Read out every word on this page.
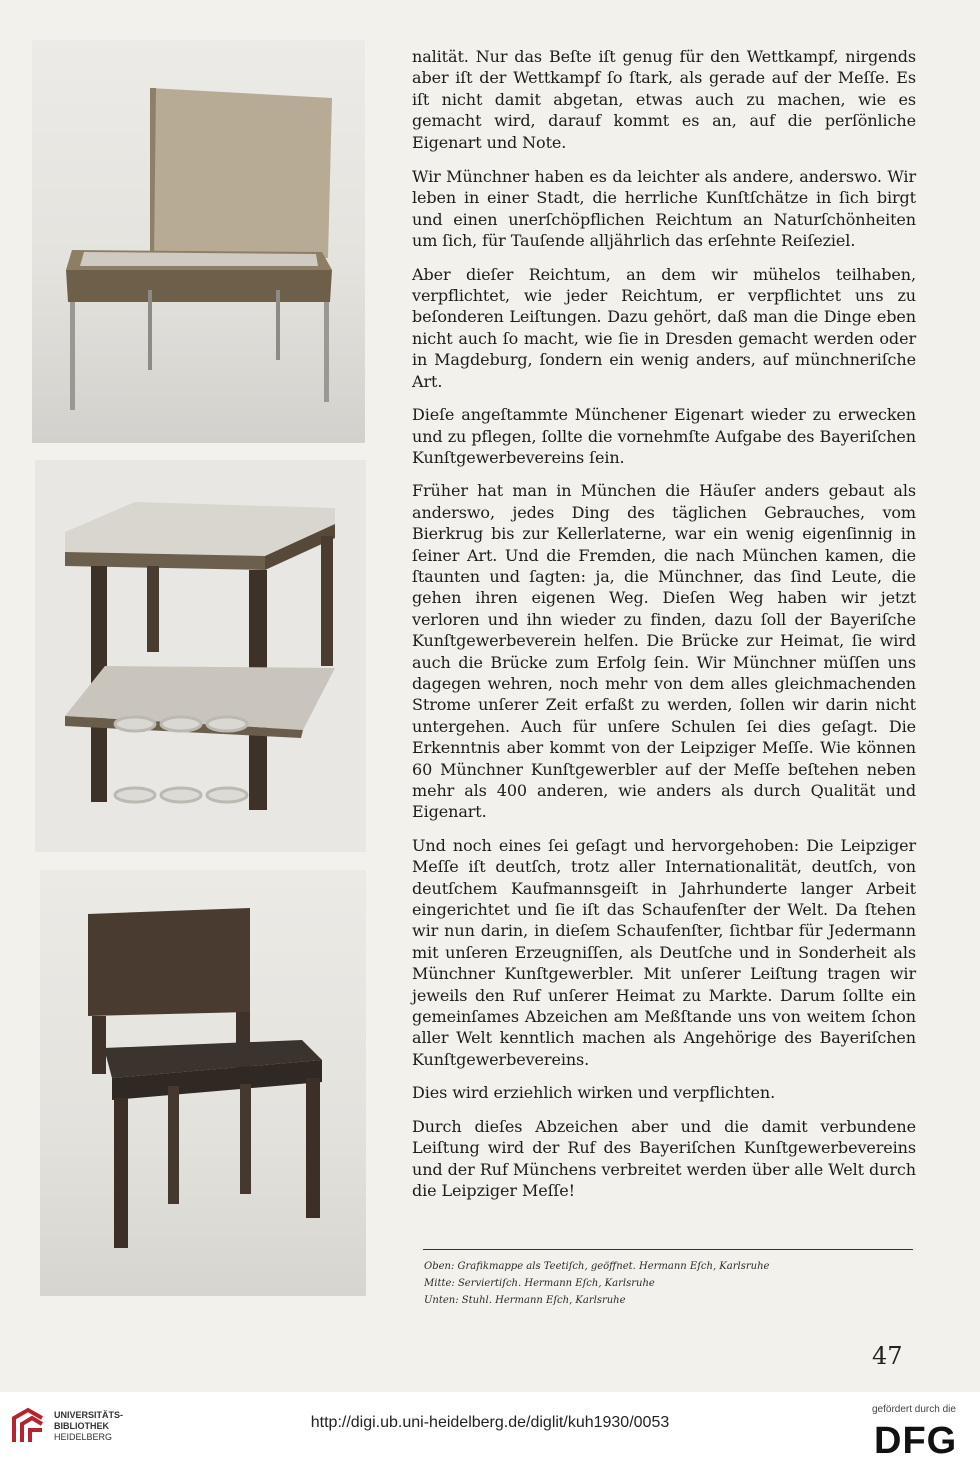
nalität. Nur das Beſte iſt genug für den Wettkampf, nirgends aber iſt der Wettkampf ſo ſtark, als gerade auf der Meſſe. Es iſt nicht damit abgetan, etwas auch zu machen, wie es gemacht wird, darauf kommt es an, auf die perſönliche Eigenart und Note.

Wir Münchner haben es da leichter als andere, anderswo. Wir leben in einer Stadt, die herrliche Kunſtſchätze in ſich birgt und einen unerſchöpflichen Reichtum an Naturſchönheiten um ſich, für Tauſende alljährlich das erſehnte Reiſeziel.

Aber dieſer Reichtum, an dem wir mühelos teilhaben, verpflichtet, wie jeder Reichtum, er verpflichtet uns zu beſonderen Leiſtungen. Dazu gehört, daß man die Dinge eben nicht auch ſo macht, wie ſie in Dresden gemacht werden oder in Magdeburg, ſondern ein wenig anders, auf münchneriſche Art.

Dieſe angeſtammte Münchener Eigenart wieder zu erwecken und zu pflegen, ſollte die vornehmſte Aufgabe des Bayeriſchen Kunſtgewerbevereins ſein.

Früher hat man in München die Häuſer anders gebaut als anderswo, jedes Ding des täglichen Gebrauches, vom Bierkrug bis zur Kellerlaterne, war ein wenig eigenſinnig in ſeiner Art. Und die Fremden, die nach München kamen, die ſtaunten und ſagten: ja, die Münchner, das ſind Leute, die gehen ihren eigenen Weg. Dieſen Weg haben wir jetzt verloren und ihn wieder zu finden, dazu ſoll der Bayeriſche Kunſtgewerbeverein helfen. Die Brücke zur Heimat, ſie wird auch die Brücke zum Erfolg ſein. Wir Münchner müſſen uns dagegen wehren, noch mehr von dem alles gleichmachenden Strome unſerer Zeit erfaßt zu werden, ſollen wir darin nicht untergehen. Auch für unſere Schulen ſei dies geſagt. Die Erkenntnis aber kommt von der Leipziger Meſſe. Wie können 60 Münchner Kunſtgewerbler auf der Meſſe beſtehen neben mehr als 400 anderen, wie anders als durch Qualität und Eigenart.

Und noch eines ſei geſagt und hervorgehoben: Die Leipziger Meſſe iſt deutſch, trotz aller Internationalität, deutſch, von deutſchem Kaufmannsgeiſt in Jahrhunderte langer Arbeit eingerichtet und ſie iſt das Schaufenſter der Welt. Da ſtehen wir nun darin, in dieſem Schaufenſter, ſichtbar für Jedermann mit unſeren Erzeugniſſen, als Deutſche und in Sonderheit als Münchner Kunſtgewerbler. Mit unſerer Leiſtung tragen wir jeweils den Ruf unſerer Heimat zu Markte. Darum ſollte ein gemeinſames Abzeichen am Meßſtande uns von weitem ſchon aller Welt kenntlich machen als Angehörige des Bayeriſchen Kunſtgewerbevereins.

Dies wird erziehlich wirken und verpflichten.

Durch dieſes Abzeichen aber und die damit verbundene Leiſtung wird der Ruf des Bayeriſchen Kunſtgewerbevereins und der Ruf Münchens verbreitet werden über alle Welt durch die Leipziger Meſſe!

Oben: Grafikmappe als Teetiſch, geöffnet. Hermann Eſch, Karlsruhe
Mitte: Serviertiſch. Hermann Eſch, Karlsruhe
Unten: Stuhl. Hermann Eſch, Karlsruhe
47
UNIVERSITÄTS-
BIBLIOTHEK
HEIDELBERG
http://digi.ub.uni-heidelberg.de/diglit/kuh1930/0053
gefördert durch die
DFG
